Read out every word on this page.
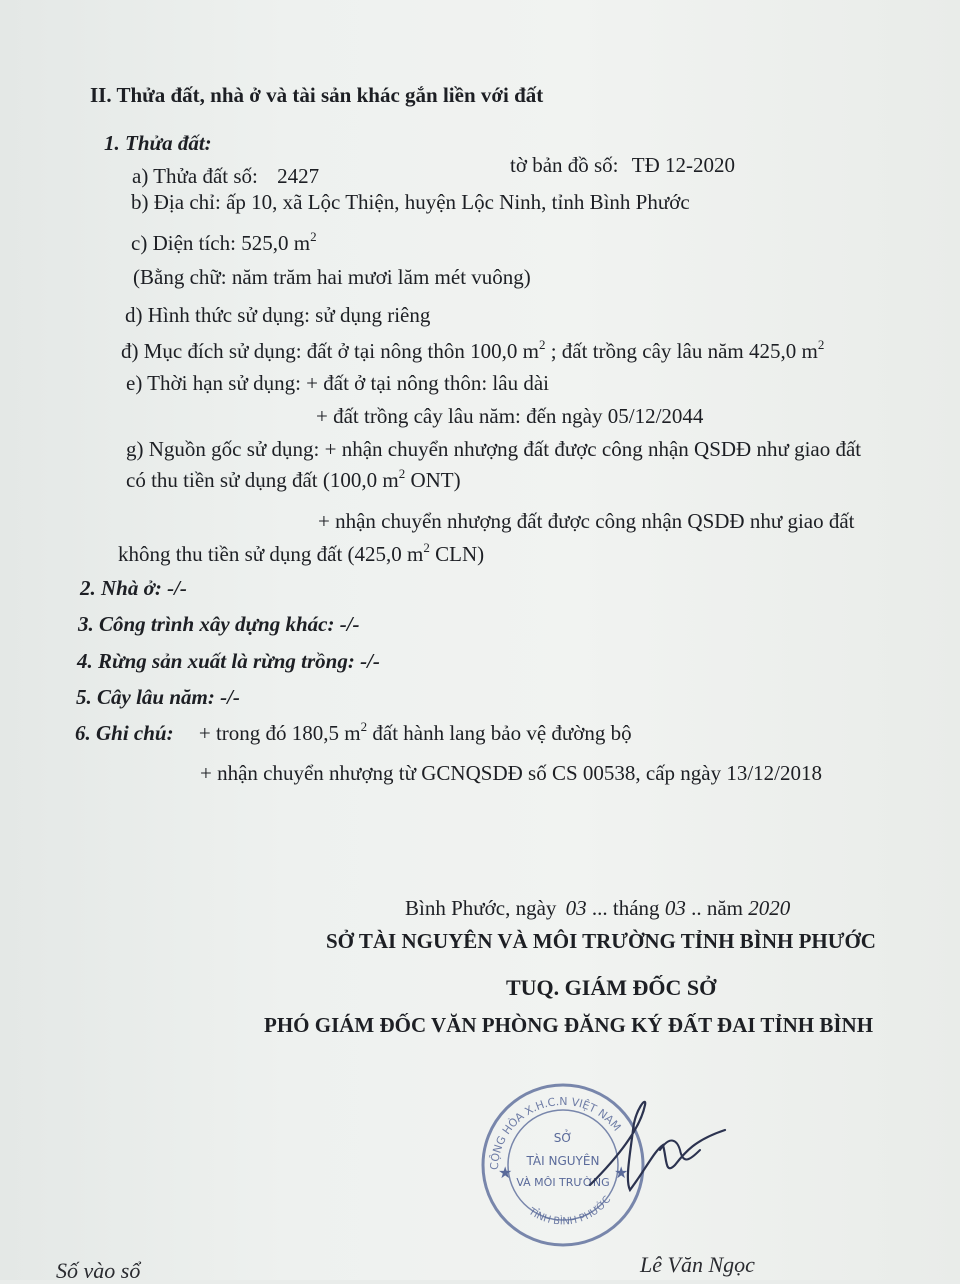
II. Thửa đất, nhà ở và tài sản khác gắn liền với đất
1. Thửa đất:
a) Thửa đất số: 2427	tờ bản đồ số: TĐ 12-2020
b) Địa chỉ: ấp 10, xã Lộc Thiện, huyện Lộc Ninh, tỉnh Bình Phước
c) Diện tích: 525,0 $m^2$
(Bằng chữ: năm trăm hai mươi lăm mét vuông)
d) Hình thức sử dụng: sử dụng riêng
đ) Mục đích sử dụng: đất ở tại nông thôn 100,0 $m^2$ ; đất trồng cây lâu năm 425,0 $m^2$
e) Thời hạn sử dụng: + đất ở tại nông thôn: lâu dài
+ đất trồng cây lâu năm: đến ngày 05/12/2044
g) Nguồn gốc sử dụng: + nhận chuyển nhượng đất được công nhận QSDĐ như giao đất
có thu tiền sử dụng đất (100,0 $m^2$ ONT)
+ nhận chuyển nhượng đất được công nhận QSDĐ như giao đất
không thu tiền sử dụng đất (425,0 $m^2$ CLN)
2. Nhà ở: -/-
3. Công trình xây dựng khác: -/-
4. Rừng sản xuất là rừng trồng: -/-
5. Cây lâu năm: -/-
6. Ghi chú: + trong đó 180,5 $m^2$ đất hành lang bảo vệ đường bộ
+ nhận chuyển nhượng từ GCNQSDĐ số CS 00538, cấp ngày 13/12/2018
Bình Phước, ngày 03 ... tháng 03 .. năm 2020
SỞ TÀI NGUYÊN VÀ MÔI TRƯỜNG TỈNH BÌNH PHƯỚC
TUQ. GIÁM ĐỐC SỞ
PHÓ GIÁM ĐỐC VĂN PHÒNG ĐĂNG KÝ ĐẤT ĐAI TỈNH BÌNH
CỘNG HÒA X.H.C.N VIỆT NAM
TỈNH BÌNH PHƯỚC
SỞ
TÀI NGUYÊN
VÀ MÔI TRƯỜNG
★	★
Số vào sổ	Lê Văn Ngọc
